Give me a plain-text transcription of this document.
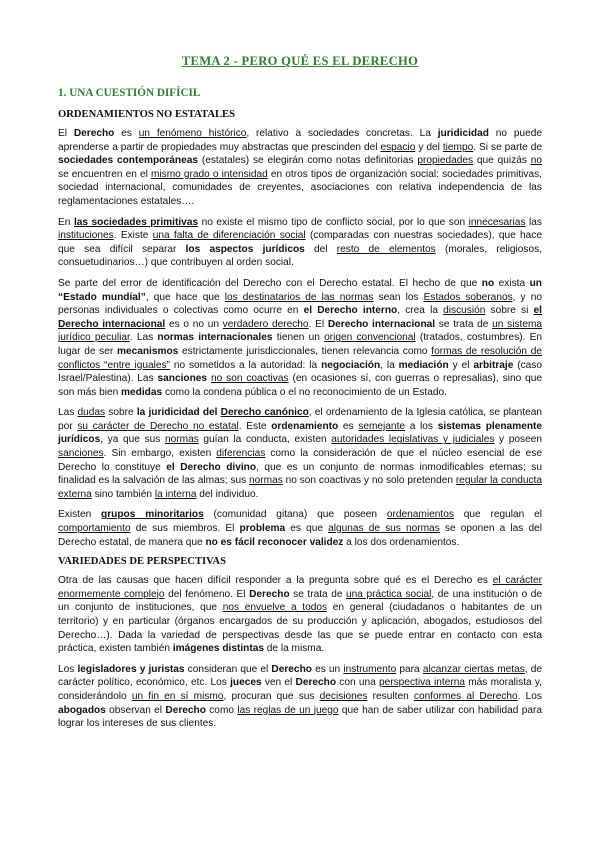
TEMA 2 - PERO QUÉ ES EL DERECHO
1. UNA CUESTIÓN DIFÍCIL
ORDENAMIENTOS NO ESTATALES
El Derecho es un fenómeno histórico, relativo a sociedades concretas. La juridicidad no puede aprenderse a partir de propiedades muy abstractas que prescinden del espacio y del tiempo. Si se parte de sociedades contemporáneas (estatales) se elegirán como notas definitorias propiedades que quizás no se encuentren en el mismo grado o intensidad en otros tipos de organización social: sociedades primitivas, sociedad internacional, comunidades de creyentes, asociaciones con relativa independencia de las reglamentaciones estatales….
En las sociedades primitivas no existe el mismo tipo de conflicto social, por lo que son innecesarias las instituciones. Existe una falta de diferenciación social (comparadas con nuestras sociedades), que hace que sea difícil separar los aspectos jurídicos del resto de elementos (morales, religiosos, consuetudinarios…) que contribuyen al orden social.
Se parte del error de identificación del Derecho con el Derecho estatal. El hecho de que no exista un “Estado mundial”, que hace que los destinatarios de las normas sean los Estados soberanos, y no personas individuales o colectivas como ocurre en el Derecho interno, crea la discusión sobre si el Derecho internacional es o no un verdadero derecho. El Derecho internacional se trata de un sistema jurídico peculiar. Las normas internacionales tienen un origen convencional (tratados, costumbres). En lugar de ser mecanismos estrictamente jurisdiccionales, tienen relevancia como formas de resolución de conflictos “entre iguales” no sometidos a la autoridad: la negociación, la mediación y el arbitraje (caso Israel/Palestina). Las sanciones no son coactivas (en ocasiones sí, con guerras o represalias), sino que son más bien medidas como la condena pública o el no reconocimiento de un Estado.
Las dudas sobre la juridicidad del Derecho canónico, el ordenamiento de la Iglesia católica, se plantean por su carácter de Derecho no estatal. Este ordenamiento es semejante a los sistemas plenamente jurídicos, ya que sus normas guían la conducta, existen autoridades legislativas y judiciales y poseen sanciones. Sin embargo, existen diferencias como la consideración de que el núcleo esencial de ese Derecho lo constituye el Derecho divino, que es un conjunto de normas inmodificables eternas; su finalidad es la salvación de las almas; sus normas no son coactivas y no solo pretenden regular la conducta externa sino también la interna del individuo.
Existen grupos minoritarios (comunidad gitana) que poseen ordenamientos que regulan el comportamiento de sus miembros. El problema es que algunas de sus normas se oponen a las del Derecho estatal, de manera que no es fácil reconocer validez a los dos ordenamientos.
VARIEDADES DE PERSPECTIVAS
Otra de las causas que hacen difícil responder a la pregunta sobre qué es el Derecho es el carácter enormemente complejo del fenómeno. El Derecho se trata de una práctica social, de una institución o de un conjunto de instituciones, que nos envuelve a todos en general (ciudadanos o habitantes de un territorio) y en particular (órganos encargados de su producción y aplicación, abogados, estudiosos del Derecho…). Dada la variedad de perspectivas desde las que se puede entrar en contacto con esta práctica, existen también imágenes distintas de la misma.
Los legisladores y juristas consideran que el Derecho es un instrumento para alcanzar ciertas metas, de carácter político, económico, etc. Los jueces ven el Derecho con una perspectiva interna más moralista y, considerándolo un fin en sí mismo, procuran que sus decisiones resulten conformes al Derecho. Los abogados observan el Derecho como las reglas de un juego que han de saber utilizar con habilidad para lograr los intereses de sus clientes.
